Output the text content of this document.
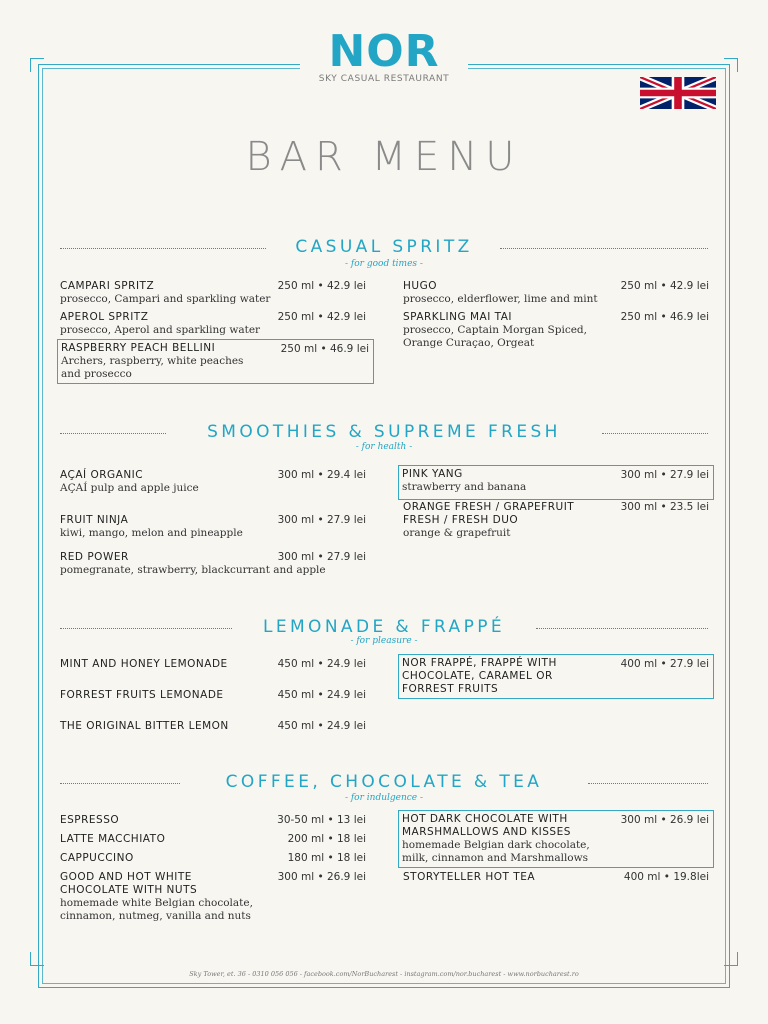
NOR
SKY CASUAL RESTAURANT
BAR MENU
CASUAL SPRITZ
- for good times -
CAMPARI SPRITZ	250 ml • 42.9 lei
prosecco, Campari and sparkling water
APEROL SPRITZ	250 ml • 42.9 lei
prosecco, Aperol and sparkling water
RASPBERRY PEACH BELLINI	250 ml • 46.9 lei
Archers, raspberry, white peaches and prosecco
HUGO	250 ml • 42.9 lei
prosecco, elderflower, lime and mint
SPARKLING MAI TAI	250 ml • 46.9 lei
prosecco, Captain Morgan Spiced, Orange Curaçao, Orgeat
SMOOTHIES & SUPREME FRESH
- for health -
AÇAÍ ORGANIC	300 ml • 29.4 lei
AÇAÍ pulp and apple juice
FRUIT NINJA	300 ml • 27.9 lei
kiwi, mango, melon and pineapple
RED POWER	300 ml • 27.9 lei
pomegranate, strawberry, blackcurrant and apple
PINK YANG	300 ml • 27.9 lei
strawberry and banana
ORANGE FRESH / GRAPEFRUIT FRESH / FRESH DUO
300 ml • 23.5 lei
orange & grapefruit
LEMONADE & FRAPPÉ
- for pleasure -
MINT AND HONEY LEMONADE	450 ml • 24.9 lei
FORREST FRUITS LEMONADE	450 ml • 24.9 lei
THE ORIGINAL BITTER LEMON	450 ml • 24.9 lei
NOR FRAPPÉ, FRAPPÉ WITH CHOCOLATE, CARAMEL OR FORREST FRUITS
400 ml • 27.9 lei
COFFEE, CHOCOLATE & TEA
- for indulgence -
ESPRESSO	30-50 ml • 13 lei
LATTE MACCHIATO	200 ml • 18 lei
CAPPUCCINO	180 ml • 18 lei
GOOD AND HOT WHITE CHOCOLATE WITH NUTS
300 ml • 26.9 lei
homemade white Belgian chocolate, cinnamon, nutmeg, vanilla and nuts
HOT DARK CHOCOLATE WITH MARSHMALLOWS AND KISSES
300 ml • 26.9 lei
homemade Belgian dark chocolate, milk, cinnamon and Marshmallows
STORYTELLER HOT TEA	400 ml • 19.8lei
Sky Tower, et. 36 - 0310 056 056 - facebook.com/NorBucharest - instagram.com/nor.bucharest - www.norbucharest.ro
